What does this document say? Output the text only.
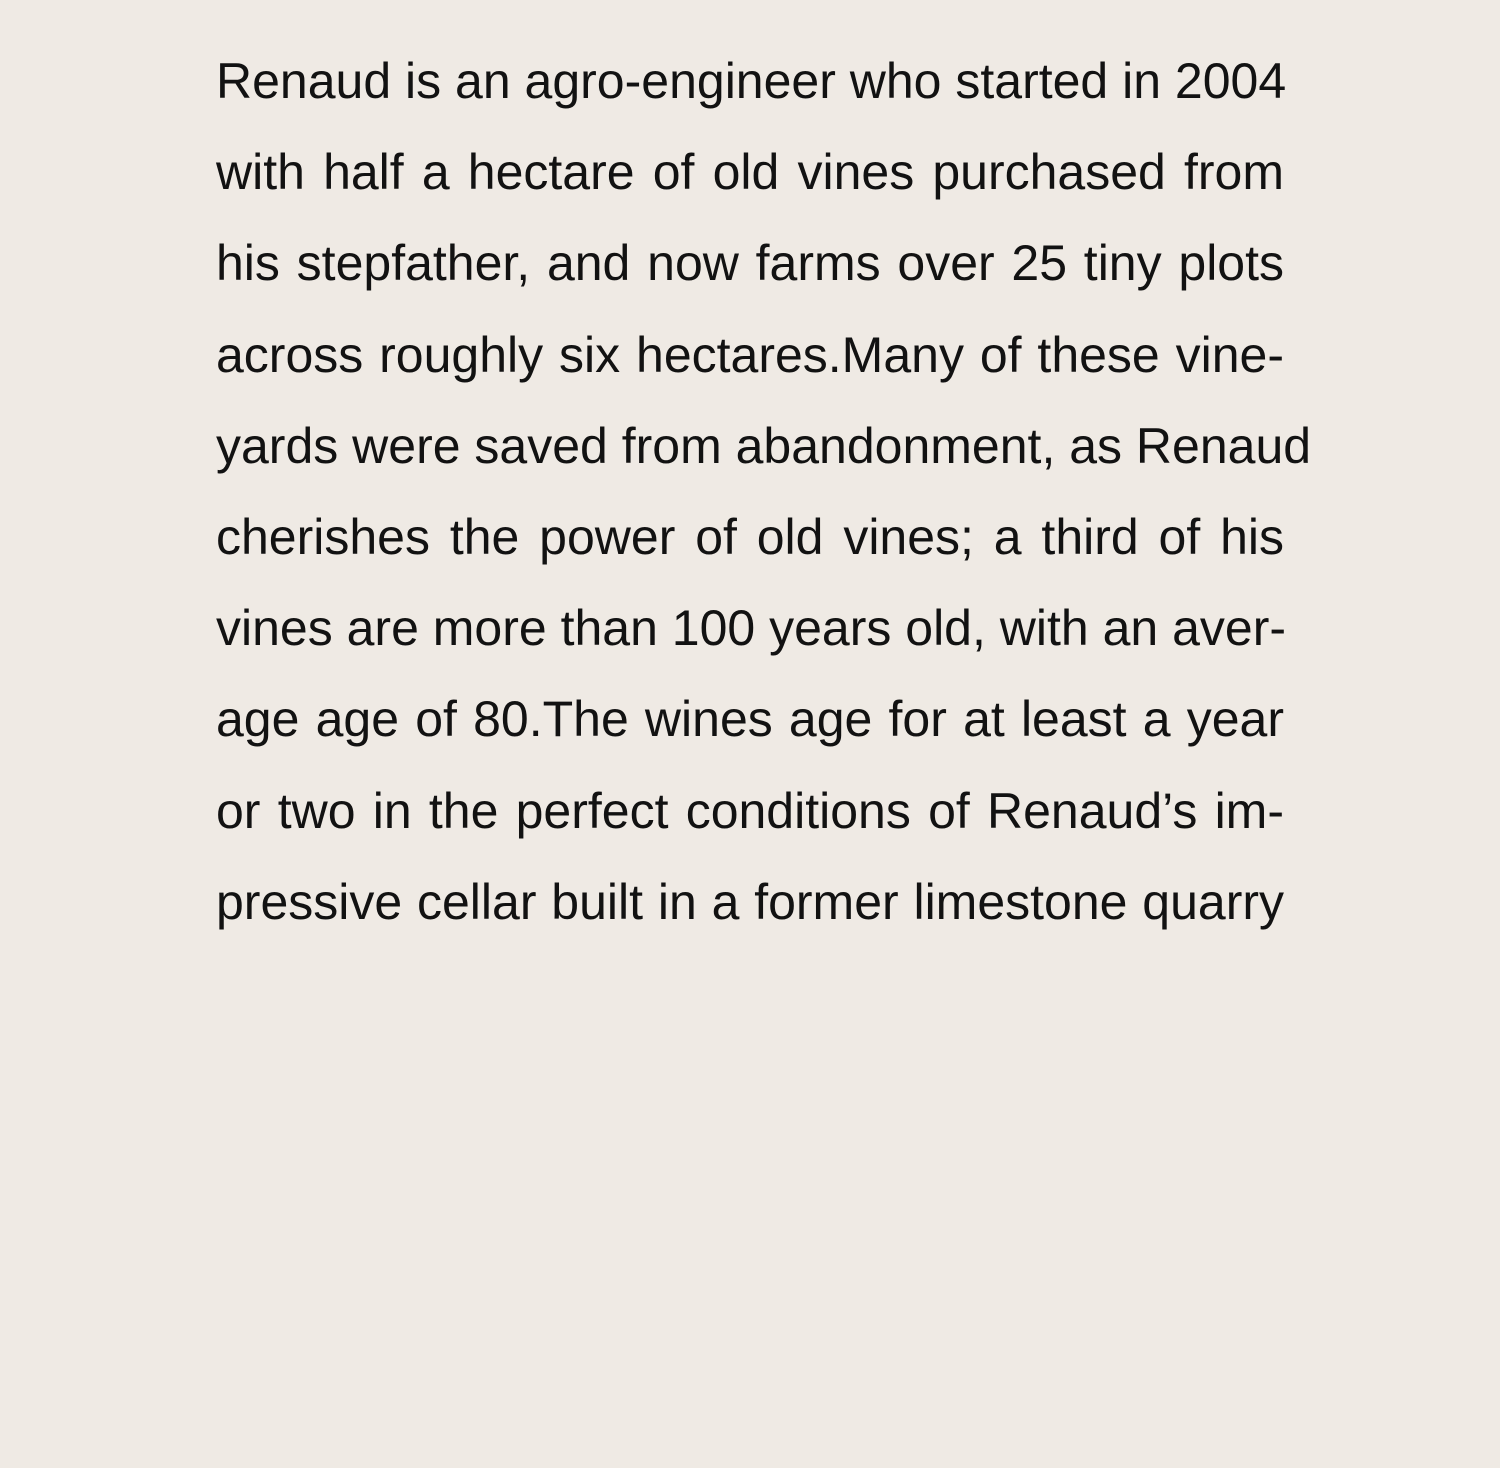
Renaud is an agro-engineer who started in 2004
with half a hectare of old vines purchased from
his stepfather, and now farms over 25 tiny plots
across roughly six hectares.Many of these vine-
yards were saved from abandonment, as Renaud
cherishes the power of old vines; a third of his
vines are more than 100 years old, with an aver-
age age of 80.The wines age for at least a year
or two in the perfect conditions of Renaud’s im-
pressive cellar built in a former limestone quarry
